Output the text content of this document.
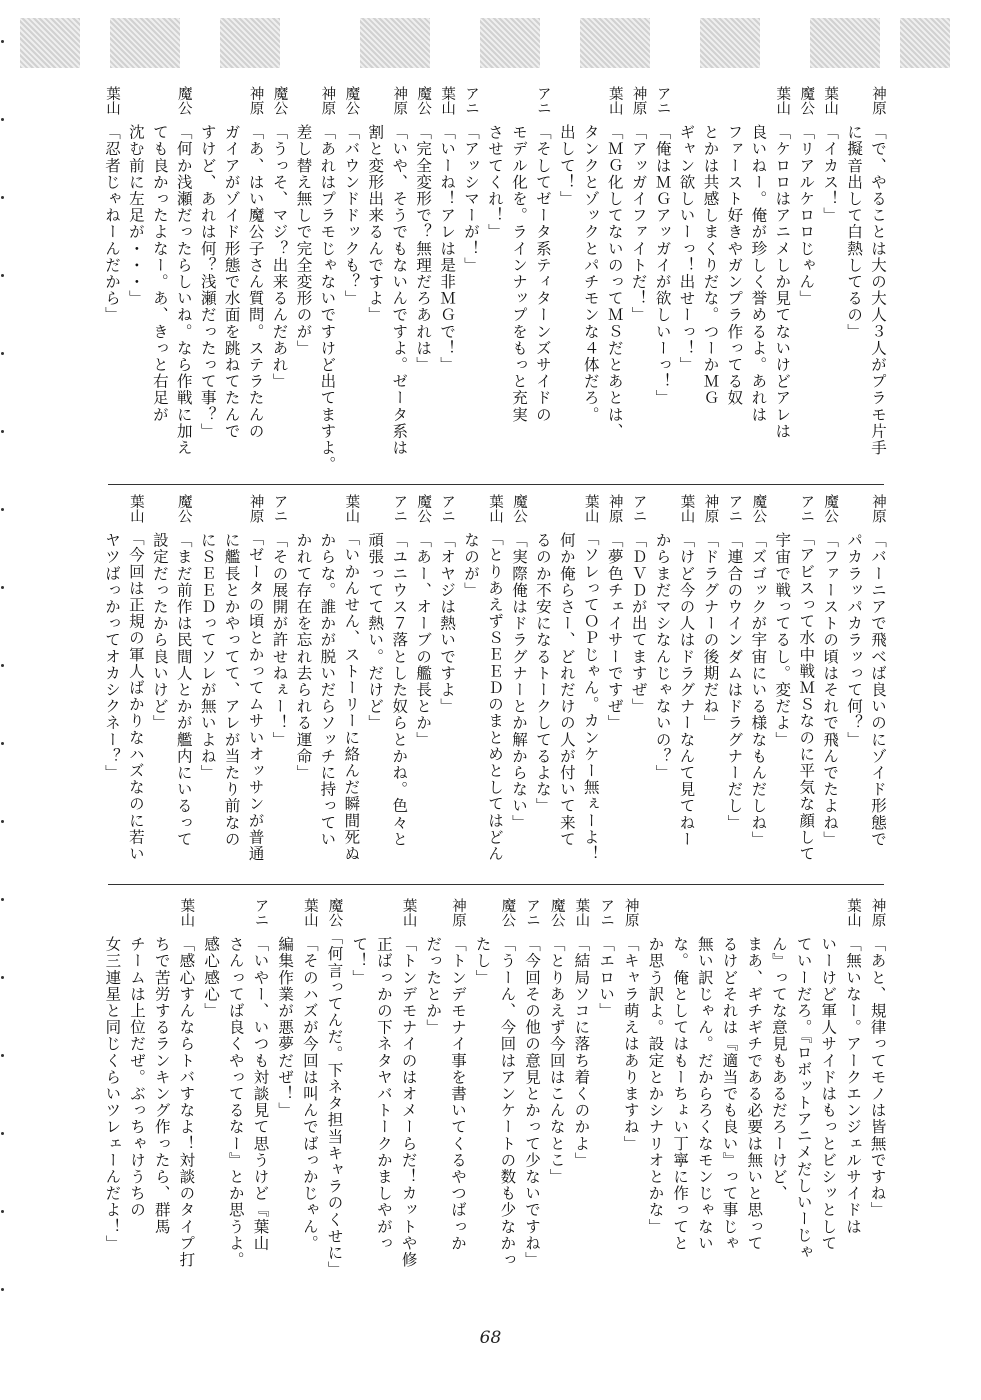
神原
「で、やることは大の大人３人がプラモ片手
に擬音出して白熱してるの」
葉山
「イカス！」
魔公
「リアルケロロじゃん」
葉山
「ケロロはアニメしか見てないけどアレは
良いねー。俺が珍しく誉めるよ。あれは
ファースト好きやガンプラ作ってる奴
とかは共感しまくりだな。つーかＭＧ
ギャン欲しいーっ！出せーっ！」
アニ
「俺はＭＧアッガイが欲しいーっ！」
神原
「アッガイファイトだ！」
葉山
「ＭＧ化してないのってＭＳだとあとは、
タンクとゾックとパチモンな４体だろ。
出して！」
アニ
「そしてゼータ系ティターンズサイドの
モデル化を。ラインナップをもっと充実
させてくれ！」
アニ
「アッシマーが！」
葉山
「いーね！アレは是非ＭＧで！」
魔公
「完全変形で？無理だろあれは」
神原
「いや、そうでもないんですよ。ゼータ系は
割と変形出来るんですよ」
魔公
「バウンドドックも？」
神原
「あれはプラモじゃないですけど出てますよ。
差し替え無しで完全変形のが」
魔公
「うっそ、マジ？出来るんだあれ」
神原
「あ、はい魔公子さん質問。ステラたんの
ガイアがゾイド形態で水面を跳ねてたんで
すけど、あれは何？浅瀬だったって事？」
魔公
「何か浅瀬だったらしいね。なら作戦に加え
ても良かったよなー。あ、きっと右足が
沈む前に左足が・・・」
葉山
「忍者じゃねーんだから」
神原
「バーニアで飛べば良いのにゾイド形態で
パカラッパカラッって何？」
魔公
「ファーストの頃はそれで飛んでたよね」
アニ
「アビスって水中戦ＭＳなのに平気な顔して
宇宙で戦ってるし。変だよ」
魔公
「ズゴックが宇宙にいる様なもんだしね」
アニ
「連合のウインダムはドラグナーだし」
神原
「ドラグナーの後期だね」
葉山
「けど今の人はドラグナーなんて見てねー
からまだマシなんじゃないの？」
アニ
「ＤＶＤが出てますぜ」
神原
「夢色チェイサーですぜ」
葉山
「ソレってＯＰじゃん。カンケー無ぇーよ！
何か俺らさー、どれだけの人が付いて来て
るのか不安になるトークしてるよな」
魔公
「実際俺はドラグナーとか解からない」
葉山
「とりあえずＳＥＥＤのまとめとしてはどん
なのが」
アニ
「オヤジは熱いですよ」
魔公
「あー、オーブの艦長とか」
アニ
「ユニウス７落とした奴らとかね。色々と
頑張ってて熱い。だけど」
葉山
「いかんせん、ストーリーに絡んだ瞬間死ぬ
からな。誰かが脱いだらソッチに持ってい
かれて存在を忘れ去られる運命」
アニ
「その展開が許せねぇー！」
神原
「ゼータの頃とかってムサいオッサンが普通
に艦長とかやってて、アレが当たり前なの
にＳＥＥＤってソレが無いよね」
魔公
「まだ前作は民間人とかが艦内にいるって
設定だったから良いけど」
葉山
「今回は正規の軍人ばかりなハズなのに若い
ヤツばっかってオカシクネー？」
神原
「あと、規律ってモノは皆無ですね」
葉山
「無いなー。アークエンジェルサイドは
いーけど軍人サイドはもっとビシッとして
ていーだろ。『ロボットアニメだしいーじゃ
ん』ってな意見もあるだろーけど、
まあ、ギチギチである必要は無いと思って
るけどそれは『適当でも良い』って事じゃ
無い訳じゃん。だからろくなモンじゃない
な。俺としてはもーちょい丁寧に作ってと
か思う訳よ。設定とかシナリオとかな」
神原
「キャラ萌えはありますね」
アニ
「エロい」
葉山
「結局ソコに落ち着くのかよ」
魔公
「とりあえず今回はこんなとこ」
アニ
「今回その他の意見とかって少ないですね」
魔公
「うーん、今回はアンケートの数も少なかっ
たし」
神原
「トンデモナイ事を書いてくるやつばっか
だったとか」
葉山
「トンデモナイのはオメーらだ！カットや修
正ばっかの下ネタヤバトークかましやがっ
て！」
魔公
「何言ってんだ。下ネタ担当キャラのくせに」
葉山
「そのハズが今回は叫んでばっかじゃん。
編集作業が悪夢だぜ！」
アニ
「いやー、いつも対談見て思うけど『葉山
さんってば良くやってるなー』とか思うよ。
感心感心」
葉山
「感心すんならトバすなよ！対談のタイプ打
ちで苦労するランキング作ったら、群馬
チームは上位だぜ。ぶっちゃけうちの
女三連星と同じくらいツレェーんだよ！」
68
